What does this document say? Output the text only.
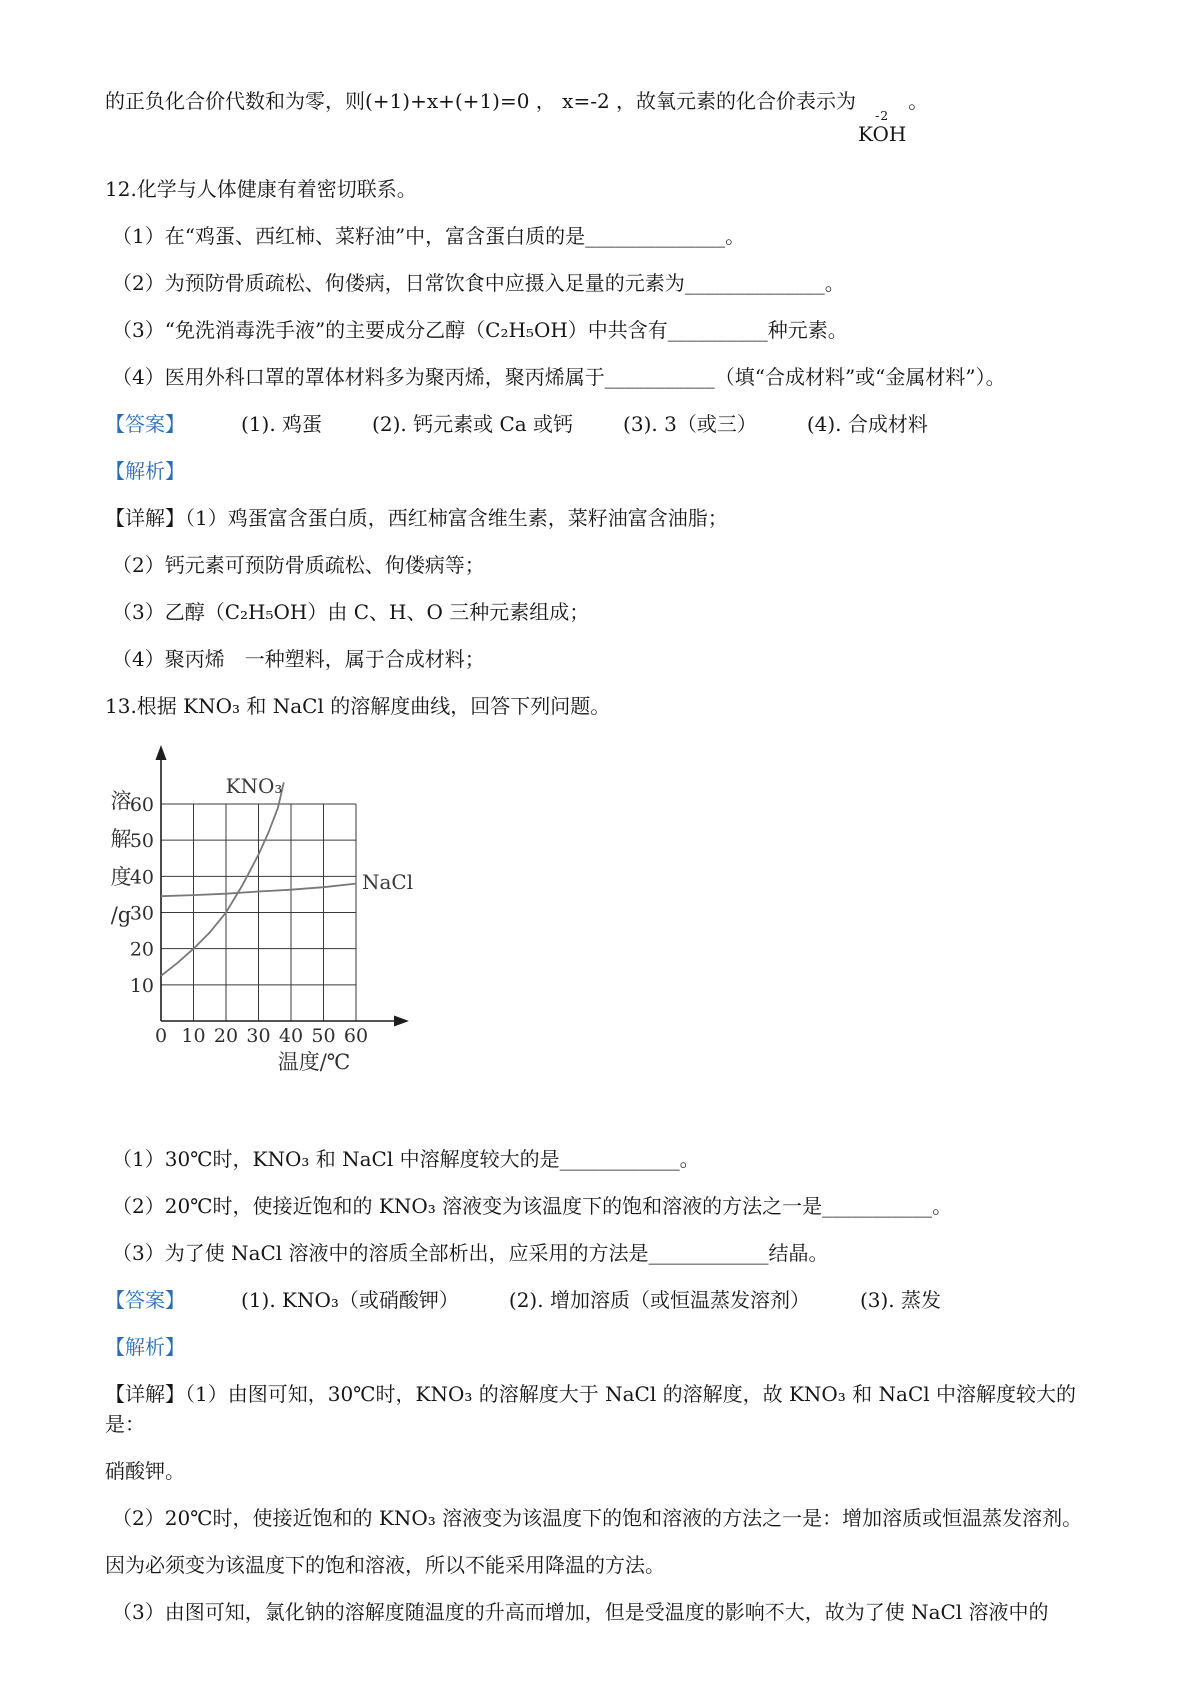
的正负化合价代数和为零，则(+1)+x+(+1)=0 ， x=-2 ，故氧元素的化合价表示为
-2
KOH
。

12.化学与人体健康有着密切联系。

（1）在“鸡蛋、西红柿、菜籽油”中，富含蛋白质的是______________。

（2）为预防骨质疏松、佝偻病，日常饮食中应摄入足量的元素为______________。

（3）“免洗消毒洗手液”的主要成分乙醇（C₂H₅OH）中共含有__________种元素。

（4）医用外科口罩的罩体材料多为聚丙烯，聚丙烯属于___________（填“合成材料”或“金属材料”）。

【答案】	(1). 鸡蛋	(2). 钙元素或 Ca 或钙	(3). 3（或三）	(4). 合成材料

【解析】

【详解】（1）鸡蛋富含蛋白质，西红柿富含维生素，菜籽油富含油脂；

（2）钙元素可预防骨质疏松、佝偻病等；

（3）乙醇（C₂H₅OH）由 C、H、O 三种元素组成；

（4）聚丙烯　一种塑料，属于合成材料；

13.根据 KNO₃ 和 NaCl 的溶解度曲线，回答下列问题。

0 10 20 30 40 50 60
10
20
30
40
50
60
溶
解
度
/g
温度/℃
KNO₃
NaCl

（1）30℃时，KNO₃ 和 NaCl 中溶解度较大的是____________。

（2）20℃时，使接近饱和的 KNO₃ 溶液变为该温度下的饱和溶液的方法之一是___________。

（3）为了使 NaCl 溶液中的溶质全部析出，应采用的方法是____________结晶。

【答案】	(1). KNO₃（或硝酸钾）	(2). 增加溶质（或恒温蒸发溶剂）	(3). 蒸发

【解析】

【详解】（1）由图可知，30℃时，KNO₃ 的溶解度大于 NaCl 的溶解度，故 KNO₃ 和 NaCl 中溶解度较大的是：

硝酸钾。

（2）20℃时，使接近饱和的 KNO₃ 溶液变为该温度下的饱和溶液的方法之一是：增加溶质或恒温蒸发溶剂。

因为必须变为该温度下的饱和溶液，所以不能采用降温的方法。

（3）由图可知，氯化钠的溶解度随温度的升高而增加，但是受温度的影响不大，故为了使 NaCl 溶液中的
